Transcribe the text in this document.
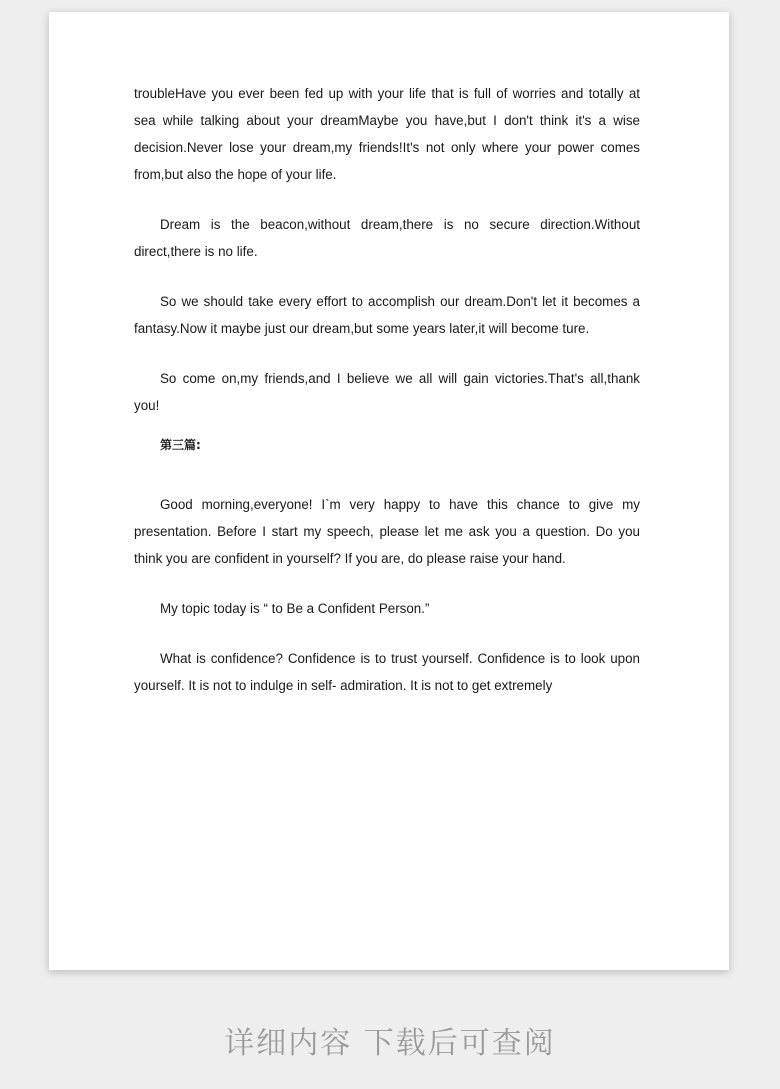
troubleHave you ever been fed up with your life that is full of worries and totally at sea while talking about your dreamMaybe you have,but I don't think it's a wise decision.Never lose your dream,my friends!It's not only where your power comes from,but also the hope of your life.

Dream is the beacon,without dream,there is no secure direction.Without direct,there is no life.

So we should take every effort to accomplish our dream.Don't let it becomes a fantasy.Now it maybe just our dream,but some years later,it will become ture.

So come on,my friends,and I believe we all will gain victories.That's all,thank you!

第三篇:

Good morning,everyone! I`m very happy to have this chance to give my presentation. Before I start my speech, please let me ask you a question. Do you think you are confident in yourself? If you are, do please raise your hand.

My topic today is “ to Be a Confident Person.”

What is confidence? Confidence is to trust yourself. Confidence is to look upon yourself. It is not to indulge in self- admiration. It is not to get extremely

详细内容 下载后可查阅
